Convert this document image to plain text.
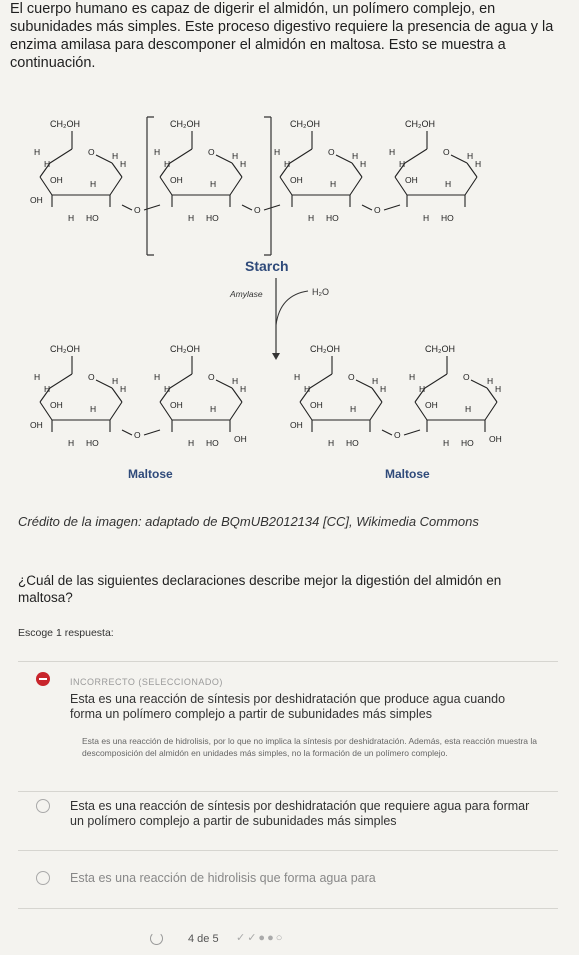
El cuerpo humano es capaz de digerir el almidón, un polímero complejo, en subunidades más simples. Este proceso digestivo requiere la presencia de agua y la enzima amilasa para descomponer el almidón en maltosa. Esto se muestra a continuación.
O
CH₂OH
H
H
H
H
OH	H
H HO
OH
O
O
CH₂OH
H
H
H
H
OH	H
H HO
O
O
CH₂OH
H
H
H
H
OH	H
H HO
O
O
CH₂OH
H
H
H
H
OH	H
H HO
O
CH₂OH
H
H
H
H
OH	H
H HO
OH
O
O
CH₂OH
H
H
H
H
OH	H
H HO OH
O
CH₂OH
H
H
H
H
OH	H
H HO
OH
O
O
CH₂OH
H
H
H
H
OH	H
H HO OH
Starch
Amylase	H₂O
Maltose	Maltose
Crédito de la imagen: adaptado de BQmUB2012134 [CC], Wikimedia Commons
¿Cuál de las siguientes declaraciones describe mejor la digestión del almidón en maltosa?
Escoge 1 respuesta:
INCORRECTO (SELECCIONADO)
Esta es una reacción de síntesis por deshidratación que produce agua cuando forma un polímero complejo a partir de subunidades más simples
Esta es una reacción de hidrolisis, por lo que no implica la síntesis por deshidratación. Además, esta reacción muestra la descomposición del almidón en unidades más simples, no la formación de un polímero complejo.
Esta es una reacción de síntesis por deshidratación que requiere agua para formar un polímero complejo a partir de subunidades más simples
Esta es una reacción de hidrolisis que forma agua para
4 de 5 ✓✓●●○
